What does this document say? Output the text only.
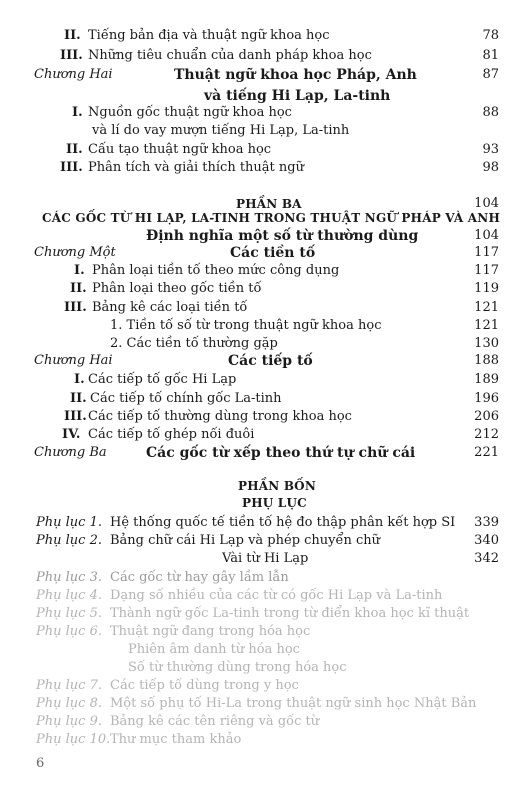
II. Tiếng bản địa và thuật ngữ khoa học	78
III. Những tiêu chuẩn của danh pháp khoa học	81
Chương Hai	Thuật ngữ khoa học Pháp, Anh	87
và tiếng Hi Lạp, La-tinh
I. Nguồn gốc thuật ngữ khoa học	88
và lí do vay mượn tiếng Hi Lạp, La-tinh
II. Cấu tạo thuật ngữ khoa học	93
III. Phân tích và giải thích thuật ngữ	98
PHẦN BA	104
CÁC GỐC TỪ HI LẠP, LA-TINH TRONG THUẬT NGỮ PHÁP VÀ ANH
Định nghĩa một số từ thường dùng	104
Chương Một	Các tiền tố	117
I. Phân loại tiền tố theo mức công dụng	117
II. Phân loại theo gốc tiền tố	119
III. Bảng kê các loại tiền tố	121
1. Tiền tố số từ trong thuật ngữ khoa học	121
2. Các tiền tố thường gặp	130
Chương Hai	Các tiếp tố	188
I. Các tiếp tố gốc Hi Lạp	189
II. Các tiếp tố chính gốc La-tinh	196
III. Các tiếp tố thường dùng trong khoa học	206
IV. Các tiếp tố ghép nối đuôi	212
Chương Ba	Các gốc từ xếp theo thứ tự chữ cái	221
PHẦN BỐN
PHỤ LỤC
Phụ lục 1. Hệ thống quốc tế tiền tố hệ đo thập phân kết hợp SI 339
Phụ lục 2. Bảng chữ cái Hi Lạp và phép chuyển chữ	340
Vài từ Hi Lạp	342
Phụ lục 3. Các gốc từ hay gây lầm lẫn
Phụ lục 4. Dạng số nhiều của các từ có gốc Hi Lạp và La-tinh
Phụ lục 5. Thành ngữ gốc La-tinh trong từ điển khoa học kĩ thuật
Phụ lục 6. Thuật ngữ đang trong hóa học
Phiên âm danh từ hóa học
Số từ thường dùng trong hóa học
Phụ lục 7. Các tiếp tố dùng trong y học
Phụ lục 8. Một số phụ tố Hi-La trong thuật ngữ sinh học Nhật Bản
Phụ lục 9. Bảng kê các tên riêng và gốc từ
Phụ lục 10. Thư mục tham khảo
6
